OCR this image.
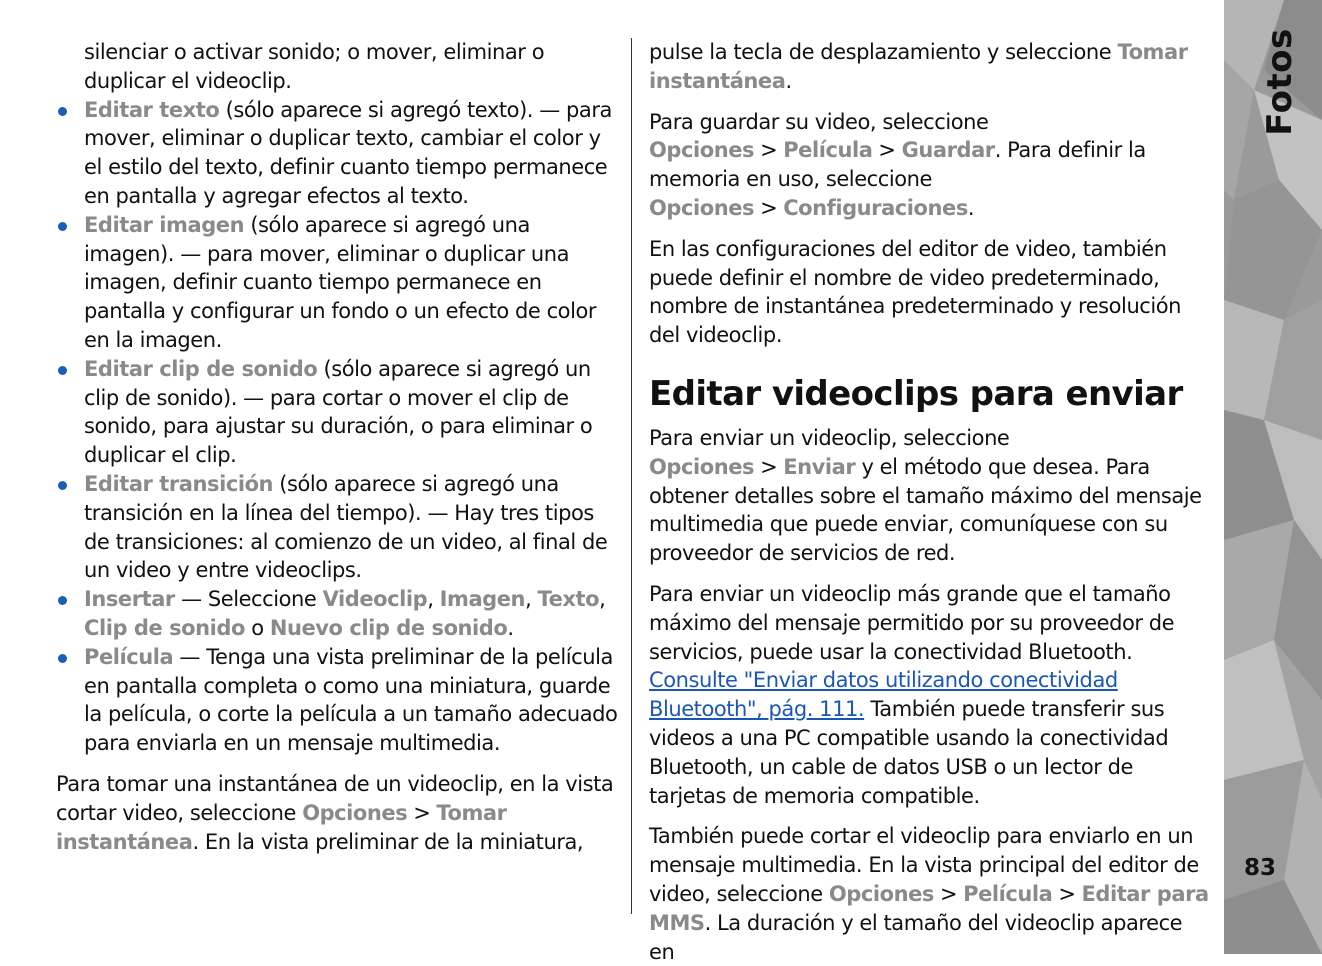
silenciar o activar sonido; o mover, eliminar o duplicar el videoclip.

Editar texto (sólo aparece si agregó texto). — para mover, eliminar o duplicar texto, cambiar el color y el estilo del texto, definir cuanto tiempo permanece en pantalla y agregar efectos al texto.
Editar imagen (sólo aparece si agregó una imagen). — para mover, eliminar o duplicar una imagen, definir cuanto tiempo permanece en pantalla y configurar un fondo o un efecto de color en la imagen.
Editar clip de sonido (sólo aparece si agregó un clip de sonido). — para cortar o mover el clip de sonido, para ajustar su duración, o para eliminar o duplicar el clip.
Editar transición (sólo aparece si agregó una transición en la línea del tiempo). — Hay tres tipos de transiciones: al comienzo de un video, al final de un video y entre videoclips.
Insertar — Seleccione Videoclip, Imagen, Texto, Clip de sonido o Nuevo clip de sonido.
Película — Tenga una vista preliminar de la película en pantalla completa o como una miniatura, guarde la película, o corte la película a un tamaño adecuado para enviarla en un mensaje multimedia.

Para tomar una instantánea de un videoclip, en la vista cortar video, seleccione Opciones > Tomar instantánea. En la vista preliminar de la miniatura,

pulse la tecla de desplazamiento y seleccione Tomar instantánea.

Para guardar su video, seleccione Opciones > Película > Guardar. Para definir la memoria en uso, seleccione Opciones > Configuraciones.

En las configuraciones del editor de video, también puede definir el nombre de video predeterminado, nombre de instantánea predeterminado y resolución del videoclip.

Editar videoclips para enviar

Para enviar un videoclip, seleccione Opciones > Enviar y el método que desea. Para obtener detalles sobre el tamaño máximo del mensaje multimedia que puede enviar, comuníquese con su proveedor de servicios de red.

Para enviar un videoclip más grande que el tamaño máximo del mensaje permitido por su proveedor de servicios, puede usar la conectividad Bluetooth. Consulte "Enviar datos utilizando conectividad Bluetooth", pág. 111. También puede transferir sus videos a una PC compatible usando la conectividad Bluetooth, un cable de datos USB o un lector de tarjetas de memoria compatible.

También puede cortar el videoclip para enviarlo en un mensaje multimedia. En la vista principal del editor de video, seleccione Opciones > Película > Editar para MMS. La duración y el tamaño del videoclip aparece en

Fotos
83
